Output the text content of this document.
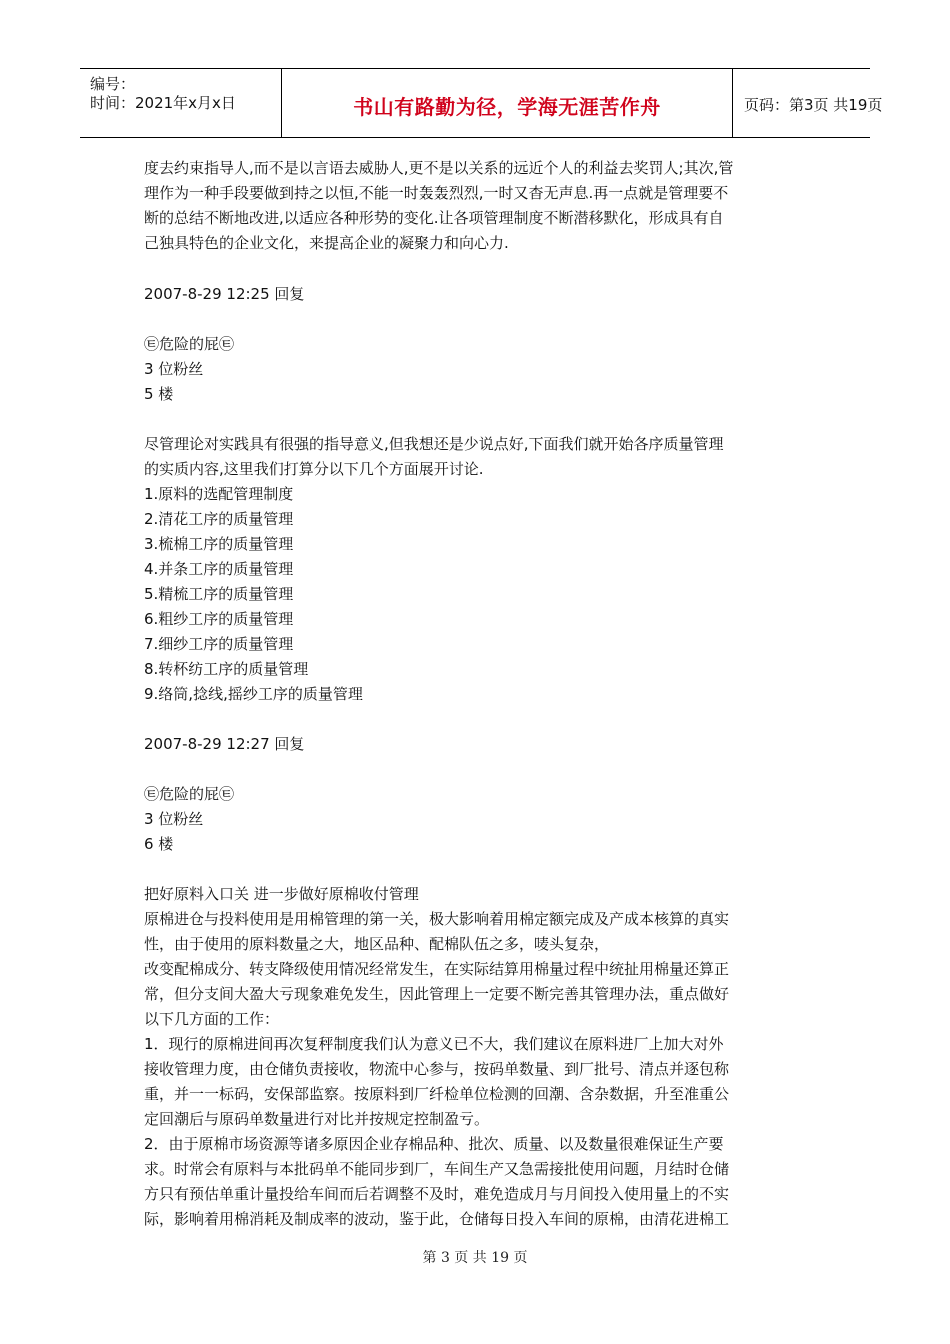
编号：
时间：2021年x月x日	书山有路勤为径，学海无涯苦作舟	页码：第3页 共19页
度去约束指导人,而不是以言语去威胁人,更不是以关系的远近个人的利益去奖罚人;其次,管
理作为一种手段要做到持之以恒,不能一时轰轰烈烈,一时又杳无声息.再一点就是管理要不
断的总结不断地改进,以适应各种形势的变化.让各项管理制度不断潜移默化，形成具有自
己独具特色的企业文化，来提高企业的凝聚力和向心力.
2007-8-29 12:25 回复
㉫危险的屁㉫
3 位粉丝
5 楼
尽管理论对实践具有很强的指导意义,但我想还是少说点好,下面我们就开始各序质量管理
的实质内容,这里我们打算分以下几个方面展开讨论.
1.原料的选配管理制度
2.清花工序的质量管理
3.梳棉工序的质量管理
4.并条工序的质量管理
5.精梳工序的质量管理
6.粗纱工序的质量管理
7.细纱工序的质量管理
8.转杯纺工序的质量管理
9.络筒,捻线,摇纱工序的质量管理
2007-8-29 12:27 回复
㉫危险的屁㉫
3 位粉丝
6 楼
把好原料入口关 进一步做好原棉收付管理
原棉进仓与投料使用是用棉管理的第一关，极大影响着用棉定额完成及产成本核算的真实
性，由于使用的原料数量之大，地区品种、配棉队伍之多，唛头复杂，
改变配棉成分、转支降级使用情况经常发生，在实际结算用棉量过程中统扯用棉量还算正
常，但分支间大盈大亏现象难免发生，因此管理上一定要不断完善其管理办法，重点做好
以下几方面的工作：
1．现行的原棉进间再次复秤制度我们认为意义已不大，我们建议在原料进厂上加大对外
接收管理力度，由仓储负责接收，物流中心参与，按码单数量、到厂批号、清点并逐包称
重，并一一标码，安保部监察。按原料到厂纤检单位检测的回潮、含杂数据，升至准重公
定回潮后与原码单数量进行对比并按规定控制盈亏。
2．由于原棉市场资源等诸多原因企业存棉品种、批次、质量、以及数量很难保证生产要
求。时常会有原料与本批码单不能同步到厂，车间生产又急需接批使用问题，月结时仓储
方只有预估单重计量投给车间而后若调整不及时，难免造成月与月间投入使用量上的不实
际，影响着用棉消耗及制成率的波动，鉴于此，仓储每日投入车间的原棉，由清花进棉工
第 3 页 共 19 页
